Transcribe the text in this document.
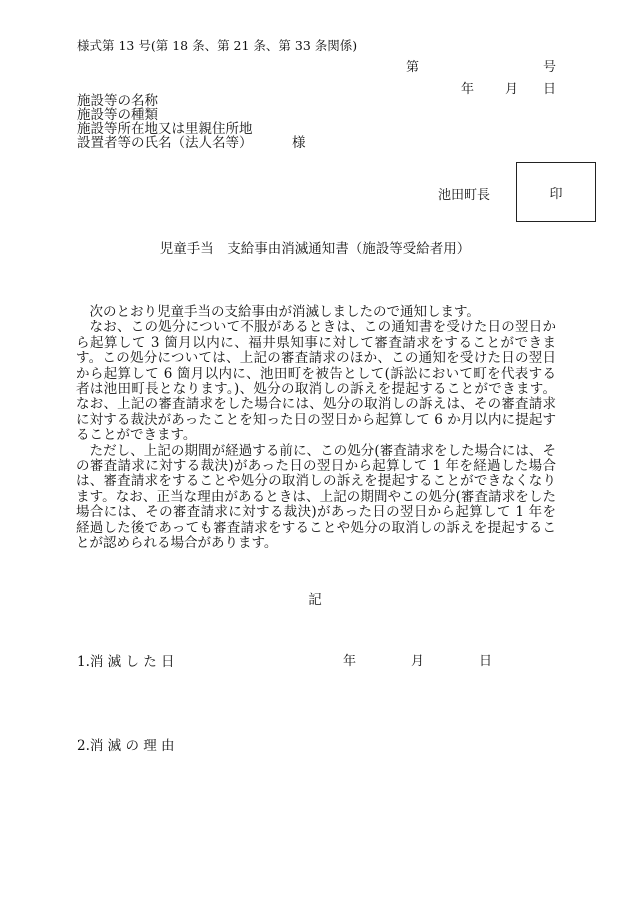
様式第 13 号(第 18 条、第 21 条、第 33 条関係)
第	号
年 月 日
施設等の名称
施設等の種類
施設等所在地又は里親住所地
設置者等の氏名（法人名等）	様
池田町長	印
児童手当　支給事由消滅通知書（施設等受給者用）

次のとおり児童手当の支給事由が消滅しましたので通知します。

なお、この処分について不服があるときは、この通知書を受けた日の翌日から起算して 3 箇月以内に、福井県知事に対して審査請求をすることができます。この処分については、上記の審査請求のほか、この通知を受けた日の翌日から起算して 6 箇月以内に、池田町を被告として(訴訟において町を代表する者は池田町長となります。)、処分の取消しの訴えを提起することができます。なお、上記の審査請求をした場合には、処分の取消しの訴えは、その審査請求に対する裁決があったことを知った日の翌日から起算して 6 か月以内に提起することができます。

ただし、上記の期間が経過する前に、この処分(審査請求をした場合には、その審査請求に対する裁決)があった日の翌日から起算して 1 年を経過した場合は、審査請求をすることや処分の取消しの訴えを提起することができなくなります。なお、正当な理由があるときは、上記の期間やこの処分(審査請求をした場合には、その審査請求に対する裁決)があった日の翌日から起算して 1 年を経過した後であっても審査請求をすることや処分の取消しの訴えを提起することが認められる場合があります。

記
1.消 滅 し た 日	年	月	日
2.消 滅 の 理 由
